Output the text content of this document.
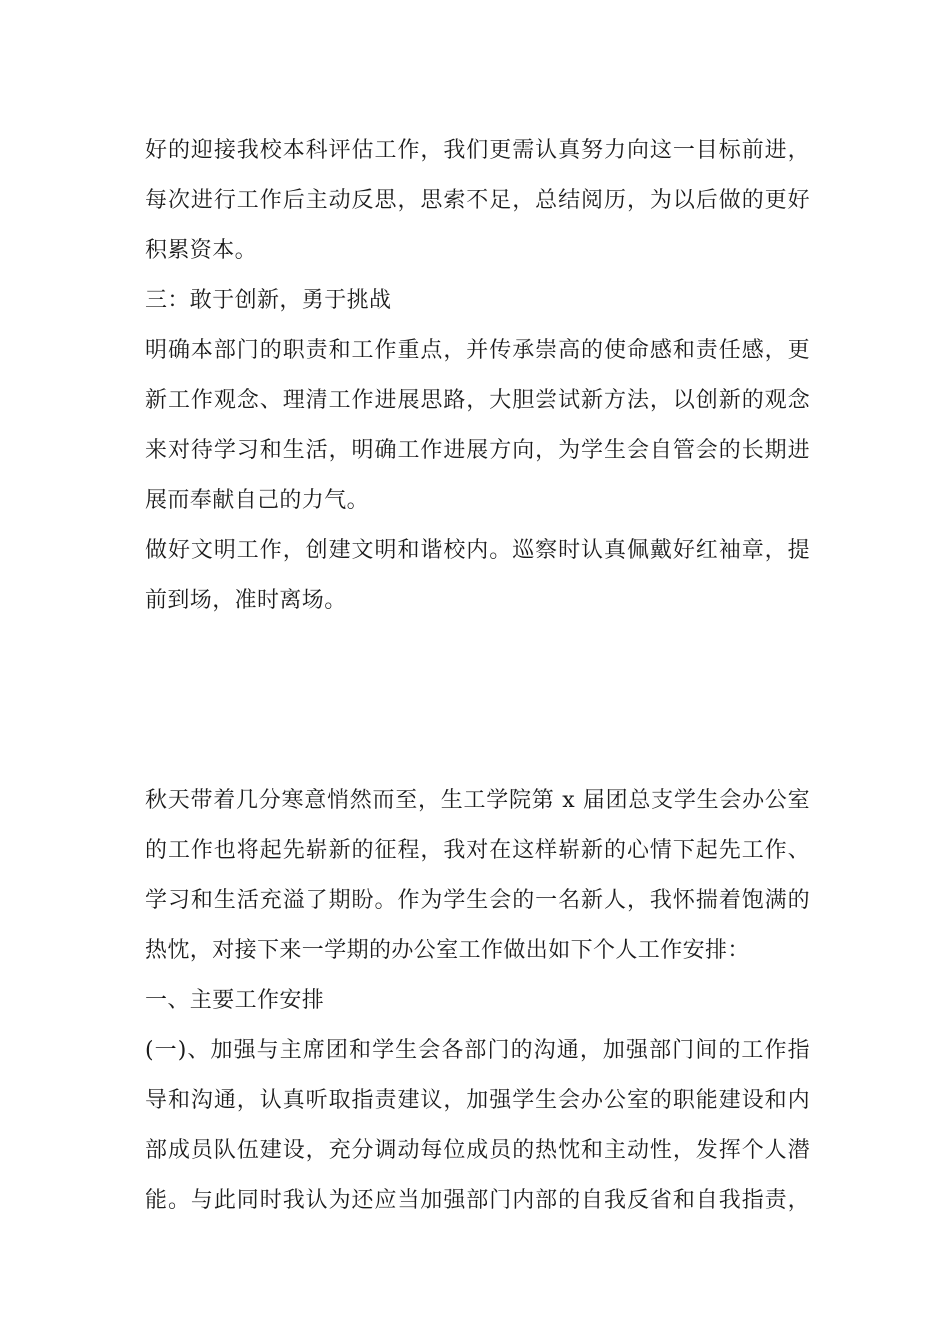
好的迎接我校本科评估工作，我们更需认真努力向这一目标前进，
每次进行工作后主动反思，思索不足，总结阅历，为以后做的更好
积累资本。
三：敢于创新，勇于挑战
明确本部门的职责和工作重点，并传承崇高的使命感和责任感，更
新工作观念、理清工作进展思路，大胆尝试新方法，以创新的观念
来对待学习和生活，明确工作进展方向，为学生会自管会的长期进
展而奉献自己的力气。
做好文明工作，创建文明和谐校内。巡察时认真佩戴好红袖章，提
前到场，准时离场。
秋天带着几分寒意悄然而至，生工学院第 x 届团总支学生会办公室
的工作也将起先崭新的征程，我对在这样崭新的心情下起先工作、
学习和生活充溢了期盼。作为学生会的一名新人，我怀揣着饱满的
热忱，对接下来一学期的办公室工作做出如下个人工作安排：
一、主要工作安排
(一)、加强与主席团和学生会各部门的沟通，加强部门间的工作指
导和沟通，认真听取指责建议，加强学生会办公室的职能建设和内
部成员队伍建设，充分调动每位成员的热忱和主动性，发挥个人潜
能。与此同时我认为还应当加强部门内部的自我反省和自我指责，
